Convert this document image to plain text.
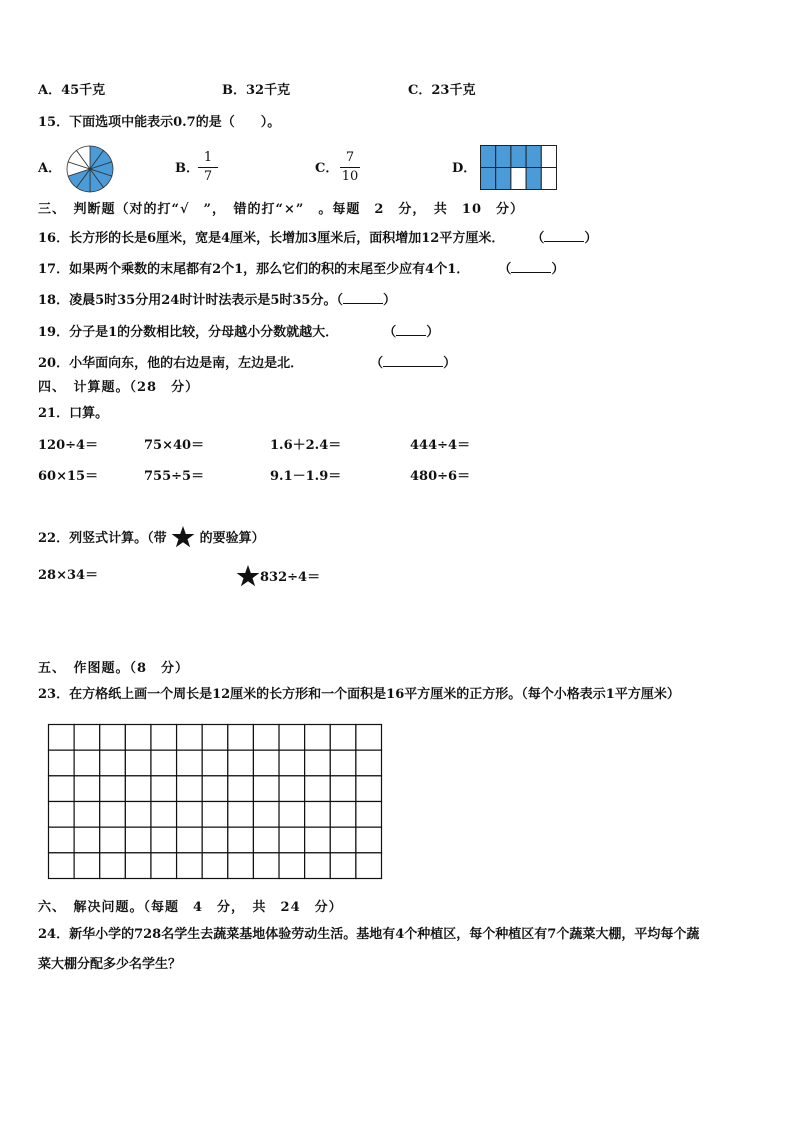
A．45千克	B．32千克	C．23千克
15．下面选项中能表示0.7的是（　　）。
A．	B．
1
7
C．
7
10
D．
三、　判断题（对的打“√　”，　错的打“×”　。每题　2　分，　共　10　分）
16．长方形的长是6厘米，宽是4厘米，长增加3厘米后，面积增加12平方厘米． （	）
17．如果两个乘数的末尾都有2个1，那么它们的积的末尾至少应有4个1． （	）
18．凌晨5时35分用24时计时法表示是5时35分。（	）
19．分子是1的分数相比较，分母越小分数就越大．	（ ）
20．小华面向东，他的右边是南，左边是北．	（	）
四、　计算题。（28　分）
21．口算。
120÷4＝	75×40＝	1.6＋2.4＝	444÷4＝
60×15＝	755÷5＝	9.1－1.9＝	480÷6＝
22．列竖式计算。（带	的要验算）
28×34＝	832÷4＝
五、　作图题。（8　分）
23．在方格纸上画一个周长是12厘米的长方形和一个面积是16平方厘米的正方形。（每个小格表示1平方厘米）
六、　解决问题。（每题　4　分，　共　24　分）
24．新华小学的728名学生去蔬菜基地体验劳动生活。基地有4个种植区，每个种植区有7个蔬菜大棚，平均每个蔬
菜大棚分配多少名学生？
